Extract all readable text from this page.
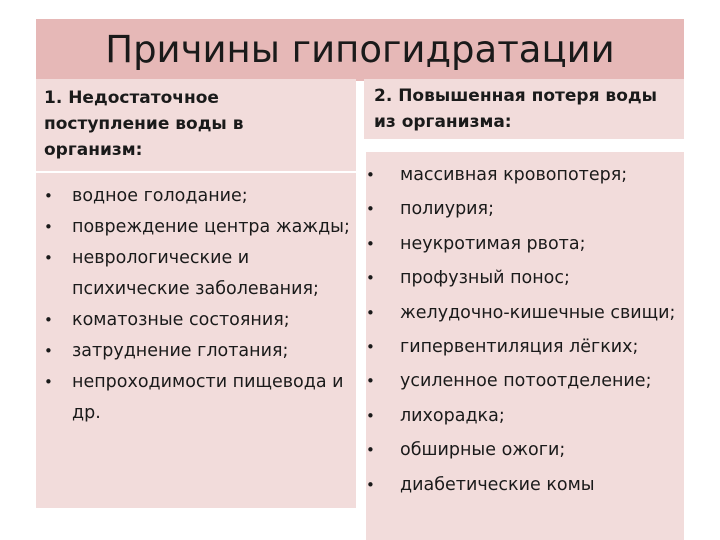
Причины гипогидратации
1. Недостаточное поступление воды в организм:
• водное голодание;
• повреждение центра жажды;
• неврологические и психические заболевания;
• коматозные состояния;
• затруднение глотания;
• непроходимости пищевода и др.
2. Повышенная потеря воды из организма:
• массивная кровопотеря;
• полиурия;
• неукротимая рвота;
• профузный понос;
• желудочно-кишечные свищи;
• гипервентиляция лёгких;
• усиленное потоотделение;
• лихорадка;
• обширные ожоги;
• диабетические комы
